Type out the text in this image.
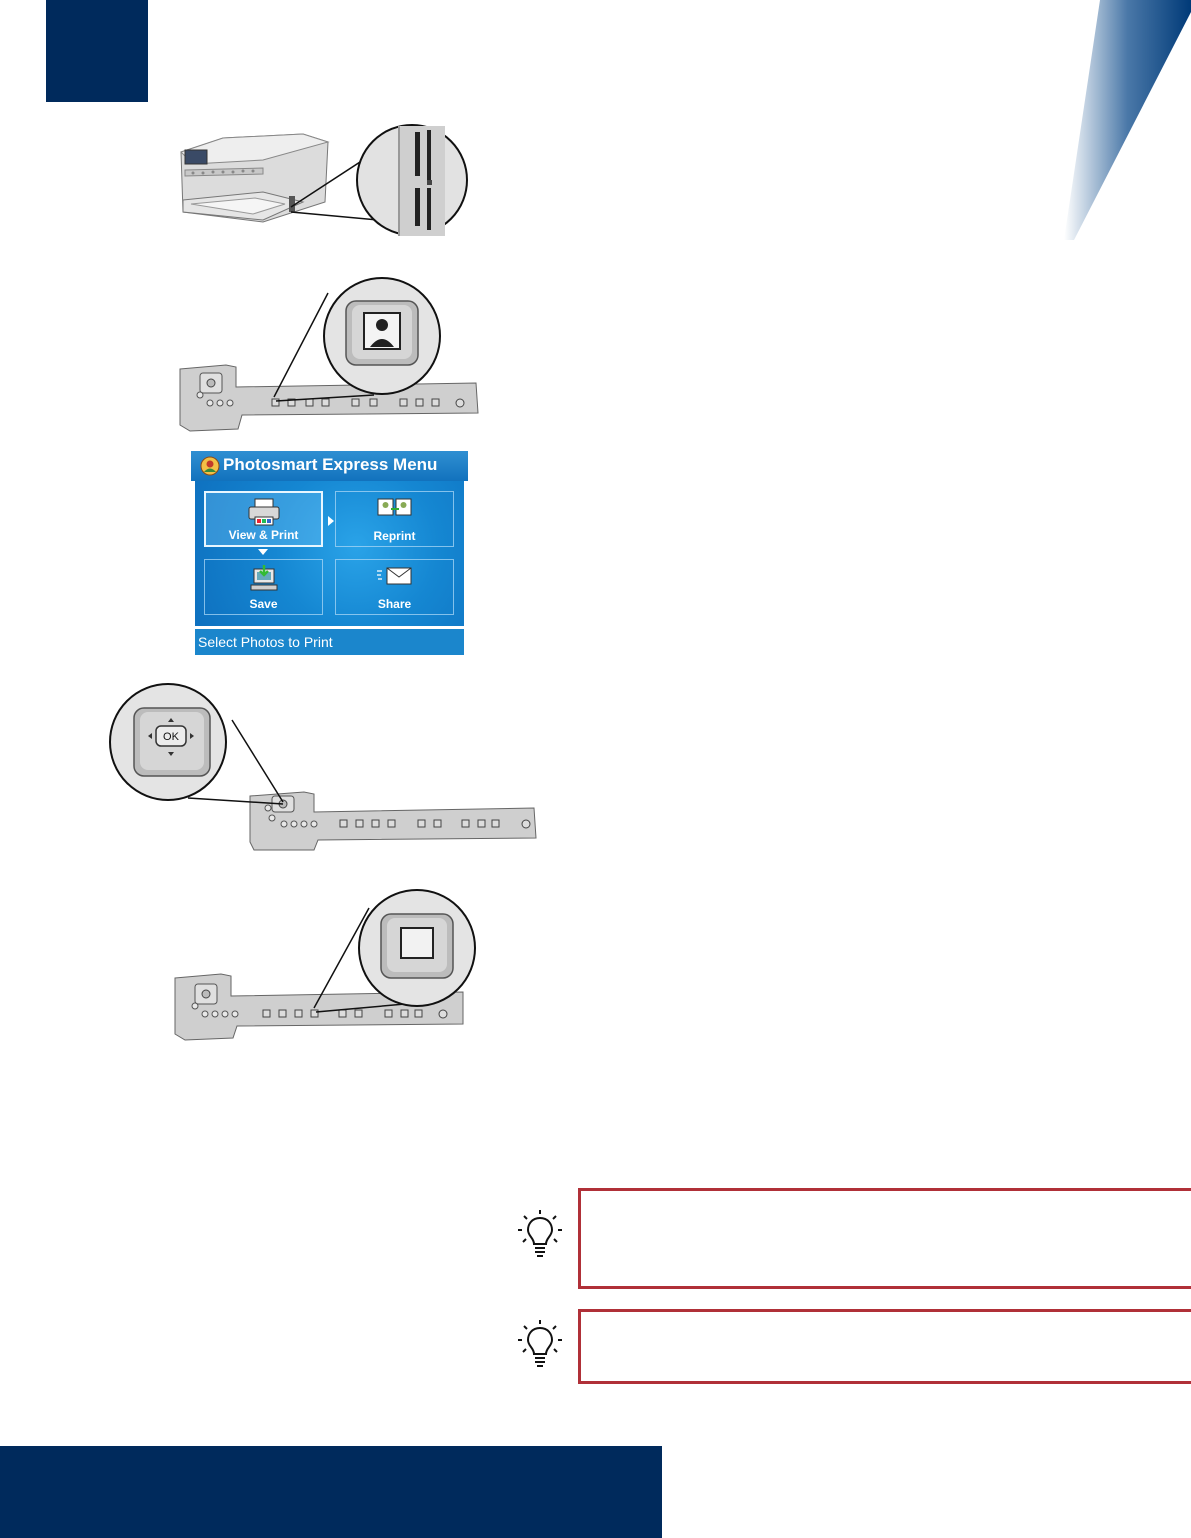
Photosmart Express Menu
View & Print	Reprint
Save	Share
Select Photos to Print
OK
